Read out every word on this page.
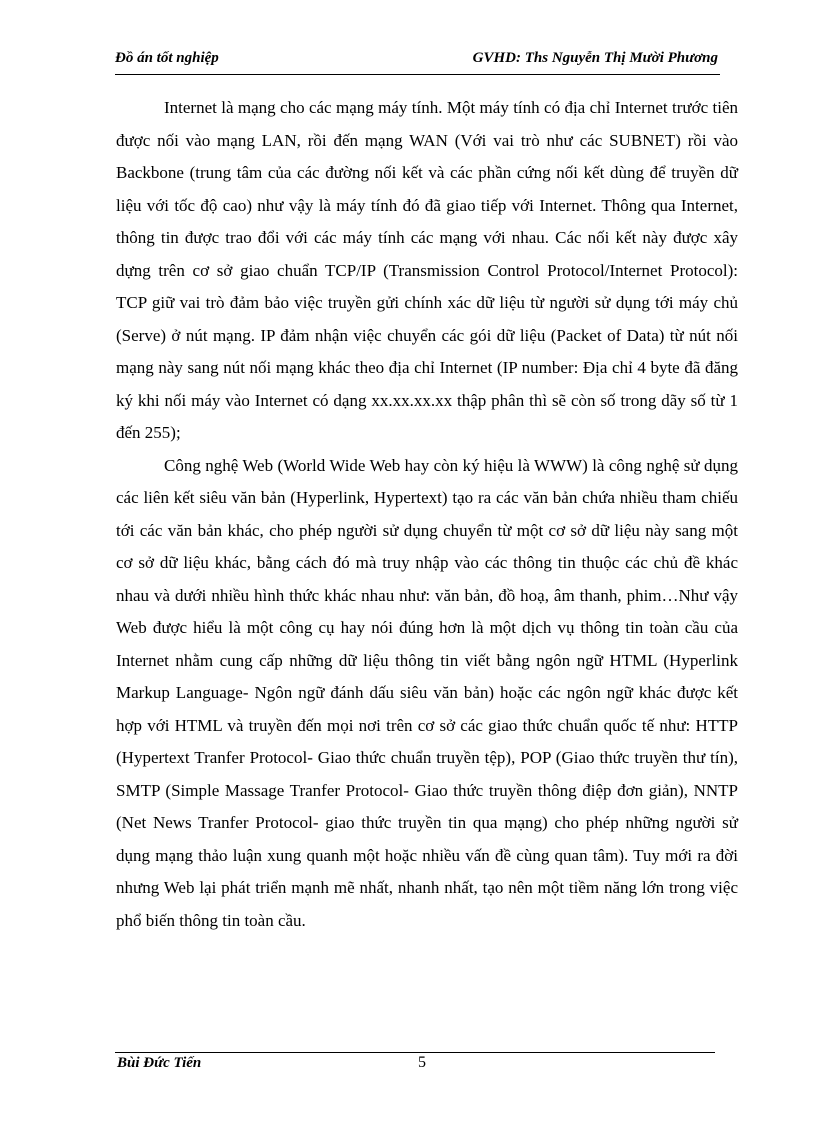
Đồ án tốt nghiệp	GVHD: Ths Nguyễn Thị Mười Phương

Internet là mạng cho các mạng máy tính. Một máy tính có địa chỉ Internet trước tiên được nối vào mạng LAN, rồi đến mạng WAN (Với vai trò như các SUBNET) rồi vào Backbone (trung tâm của các đường nối kết và các phần cứng nối kết dùng để truyền dữ liệu với tốc độ cao) như vậy là máy tính đó đã giao tiếp với Internet. Thông qua Internet, thông tin được trao đổi với các máy tính các mạng với nhau. Các nối kết này được xây dựng trên cơ sở giao chuẩn TCP/IP (Transmission Control Protocol/Internet Protocol): TCP giữ vai trò đảm bảo việc truyền gửi chính xác dữ liệu từ người sử dụng tới máy chủ (Serve) ở nút mạng. IP đảm nhận việc chuyển các gói dữ liệu (Packet of Data) từ nút nối mạng này sang nút nối mạng khác theo địa chỉ Internet (IP number: Địa chỉ 4 byte đã đăng ký khi nối máy vào Internet có dạng xx.xx.xx.xx thập phân thì sẽ còn số trong dãy số từ 1 đến 255);

Công nghệ Web (World Wide Web hay còn ký hiệu là WWW) là công nghệ sử dụng các liên kết siêu văn bản (Hyperlink, Hypertext) tạo ra các văn bản chứa nhiều tham chiếu tới các văn bản khác, cho phép người sử dụng chuyển từ một cơ sở dữ liệu này sang một cơ sở dữ liệu khác, bằng cách đó mà truy nhập vào các thông tin thuộc các chủ đề khác nhau và dưới nhiều hình thức khác nhau như: văn bản, đồ hoạ, âm thanh, phim…Như vậy Web được hiểu là một công cụ hay nói đúng hơn là một dịch vụ thông tin toàn cầu của Internet nhằm cung cấp những dữ liệu thông tin viết bằng ngôn ngữ HTML (Hyperlink Markup Language- Ngôn ngữ đánh dấu siêu văn bản) hoặc các ngôn ngữ khác được kết hợp với HTML và truyền đến mọi nơi trên cơ sở các giao thức chuẩn quốc tế như: HTTP (Hypertext Tranfer Protocol- Giao thức chuẩn truyền tệp), POP (Giao thức truyền thư tín), SMTP (Simple Massage Tranfer Protocol- Giao thức truyền thông điệp đơn giản), NNTP (Net News Tranfer Protocol- giao thức truyền tin qua mạng) cho phép những người sử dụng mạng thảo luận xung quanh một hoặc nhiều vấn đề cùng quan tâm). Tuy mới ra đời nhưng Web lại phát triển mạnh mẽ nhất, nhanh nhất, tạo nên một tiềm năng lớn trong việc phổ biến thông tin toàn cầu.

Bùi Đức Tiến	5
